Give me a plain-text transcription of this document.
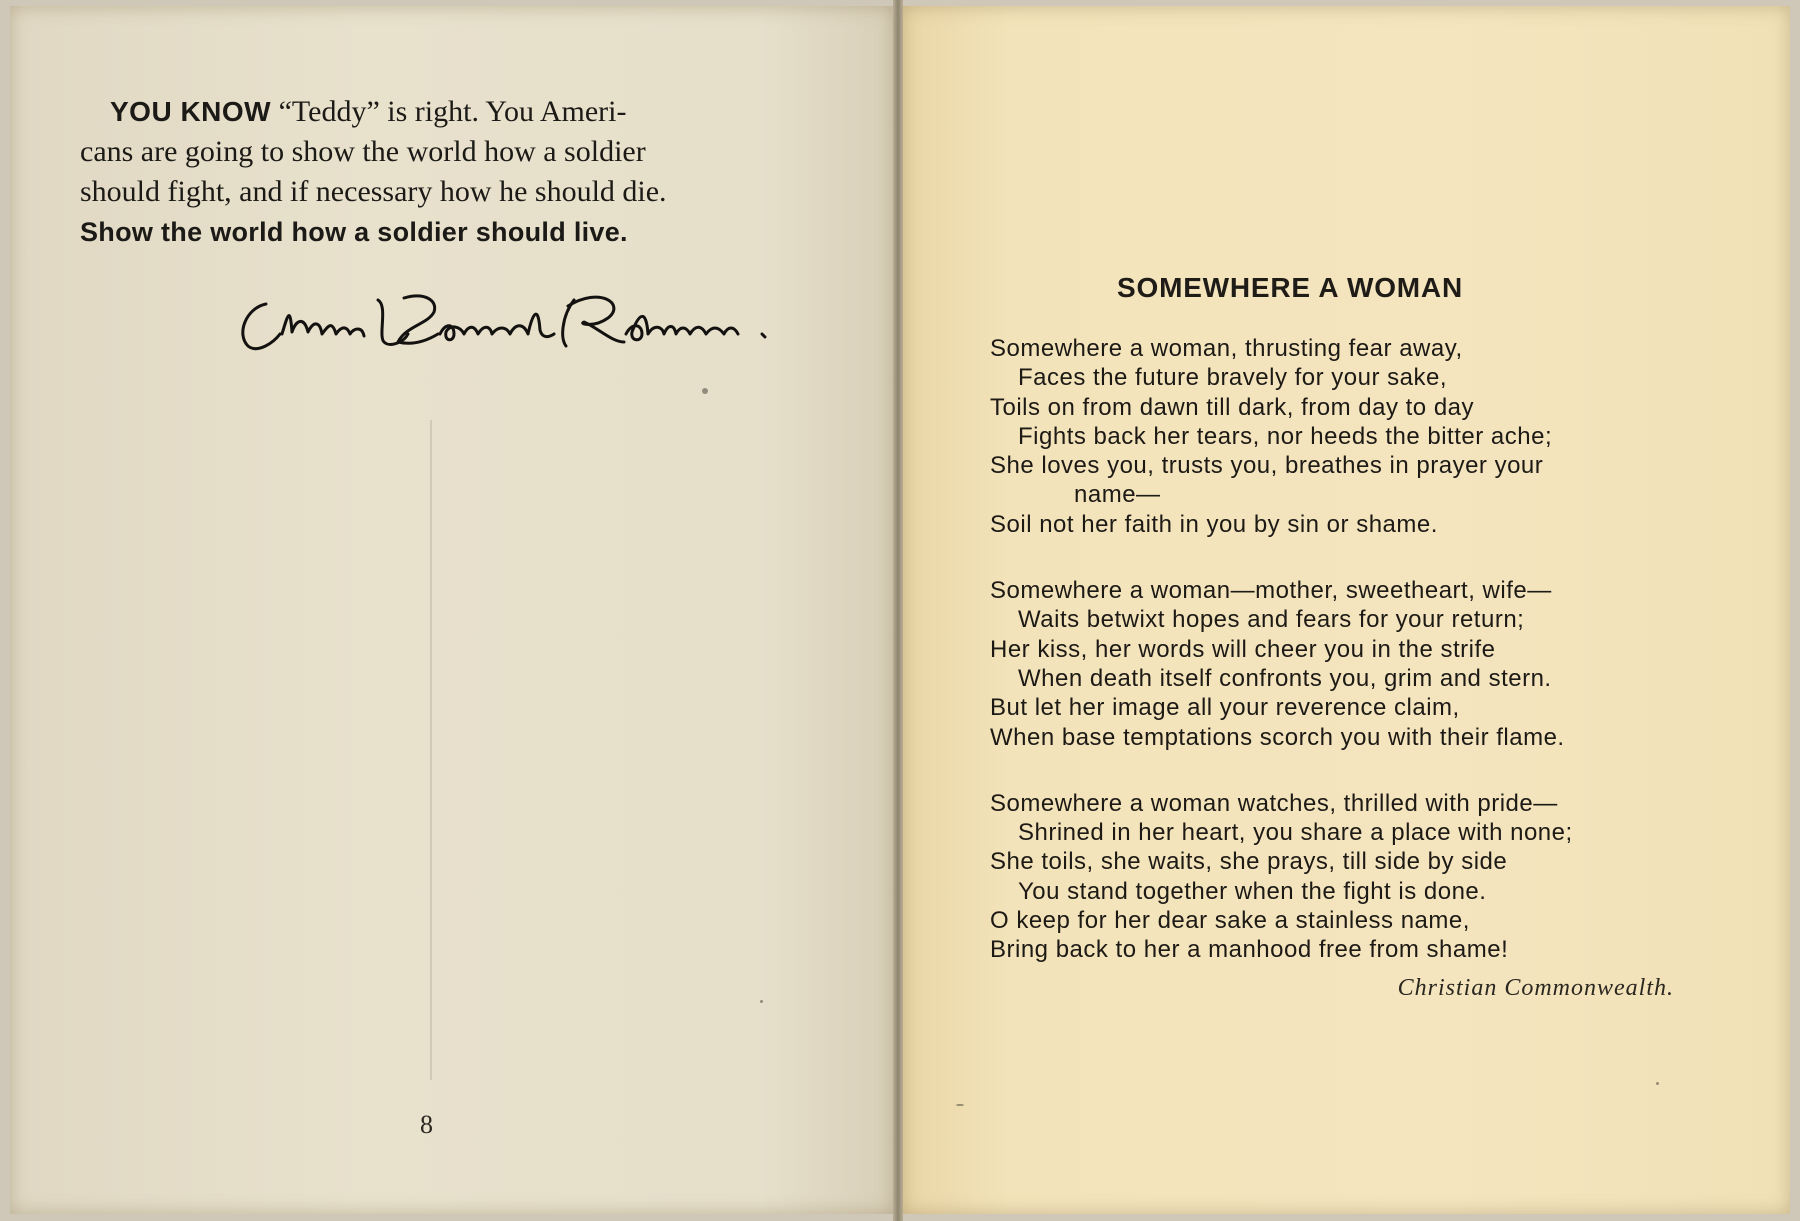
YOU KNOW “Teddy” is right. You Ameri-
cans are going to show the world how a soldier
should fight, and if necessary how he should die.
Show the world how a soldier should live.
8
SOMEWHERE A WOMAN
Somewhere a woman, thrusting fear away,
Faces the future bravely for your sake,
Toils on from dawn till dark, from day to day
Fights back her tears, nor heeds the bitter ache;
She loves you, trusts you, breathes in prayer your
name—
Soil not her faith in you by sin or shame.
Somewhere a woman—mother, sweetheart, wife—
Waits betwixt hopes and fears for your return;
Her kiss, her words will cheer you in the strife
When death itself confronts you, grim and stern.
But let her image all your reverence claim,
When base temptations scorch you with their flame.
Somewhere a woman watches, thrilled with pride—
Shrined in her heart, you share a place with none;
She toils, she waits, she prays, till side by side
You stand together when the fight is done.
O keep for her dear sake a stainless name,
Bring back to her a manhood free from shame!
Christian Commonwealth.
